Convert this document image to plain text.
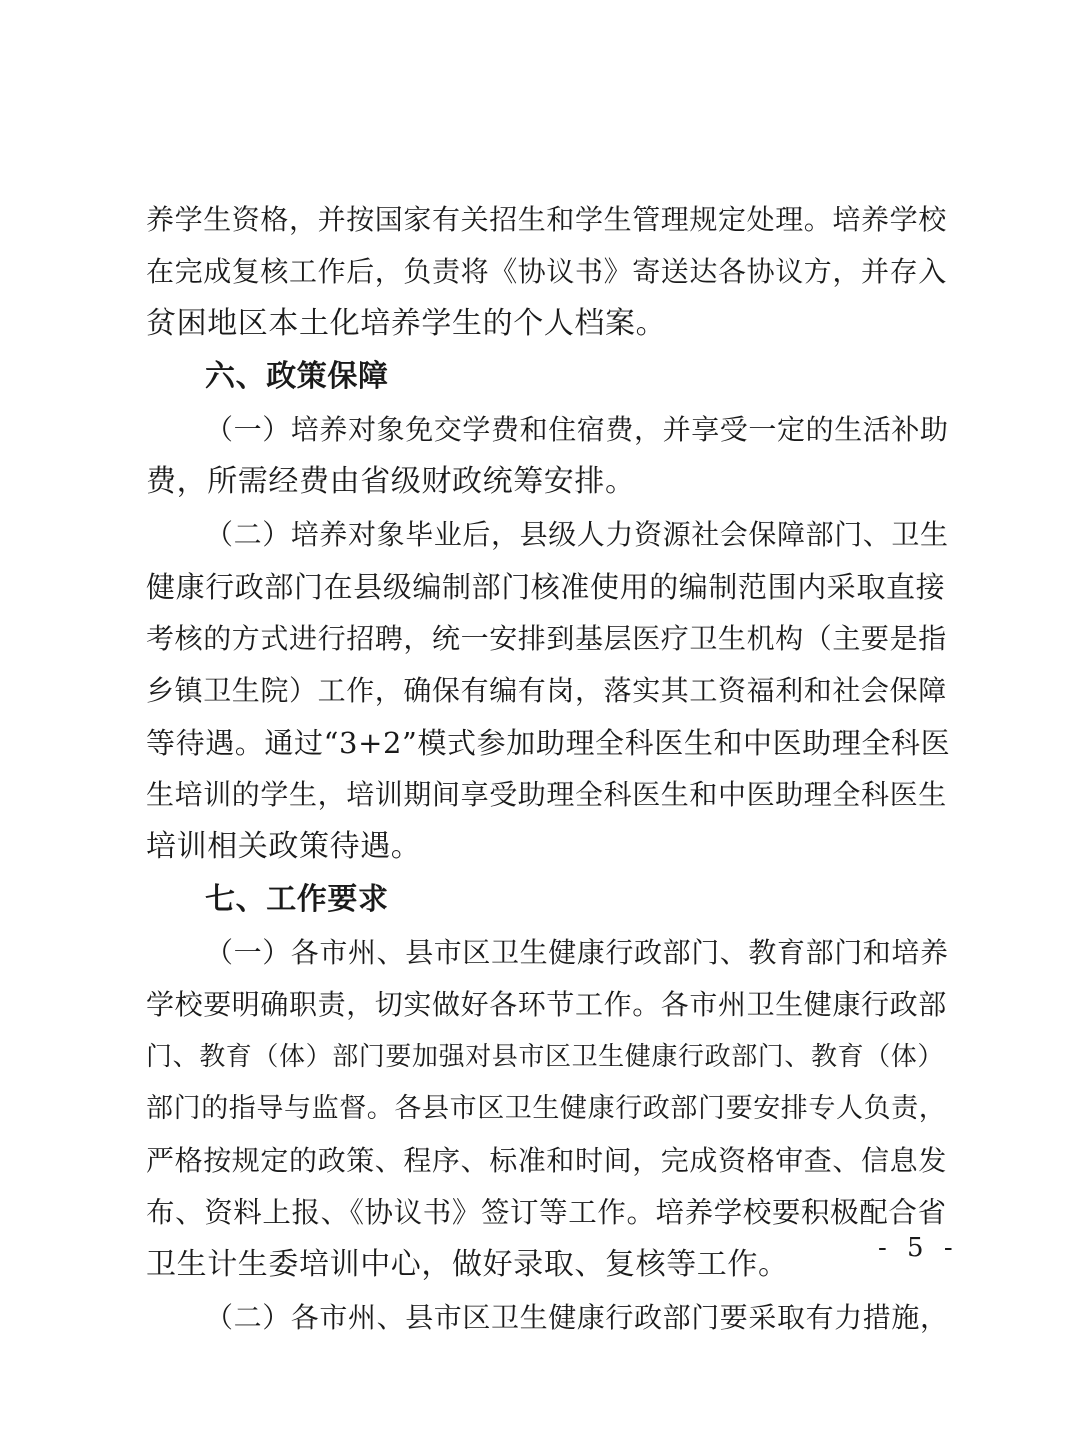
养学生资格，并按国家有关招生和学生管理规定处理。培养学校
在完成复核工作后，负责将《协议书》寄送达各协议方，并存入
贫困地区本土化培养学生的个人档案。
六、政策保障
（一）培养对象免交学费和住宿费，并享受一定的生活补助
费，所需经费由省级财政统筹安排。
（二）培养对象毕业后，县级人力资源社会保障部门、卫生
健康行政部门在县级编制部门核准使用的编制范围内采取直接
考核的方式进行招聘，统一安排到基层医疗卫生机构（主要是指
乡镇卫生院）工作，确保有编有岗，落实其工资福利和社会保障
等待遇。通过“3+2”模式参加助理全科医生和中医助理全科医
生培训的学生，培训期间享受助理全科医生和中医助理全科医生
培训相关政策待遇。
七、工作要求
（一）各市州、县市区卫生健康行政部门、教育部门和培养
学校要明确职责，切实做好各环节工作。各市州卫生健康行政部
门、教育（体）部门要加强对县市区卫生健康行政部门、教育（体）
部门的指导与监督。各县市区卫生健康行政部门要安排专人负责，
严格按规定的政策、程序、标准和时间，完成资格审查、信息发
布、资料上报、《协议书》签订等工作。培养学校要积极配合省
卫生计生委培训中心，做好录取、复核等工作。
（二）各市州、县市区卫生健康行政部门要采取有力措施，
- 5 -
